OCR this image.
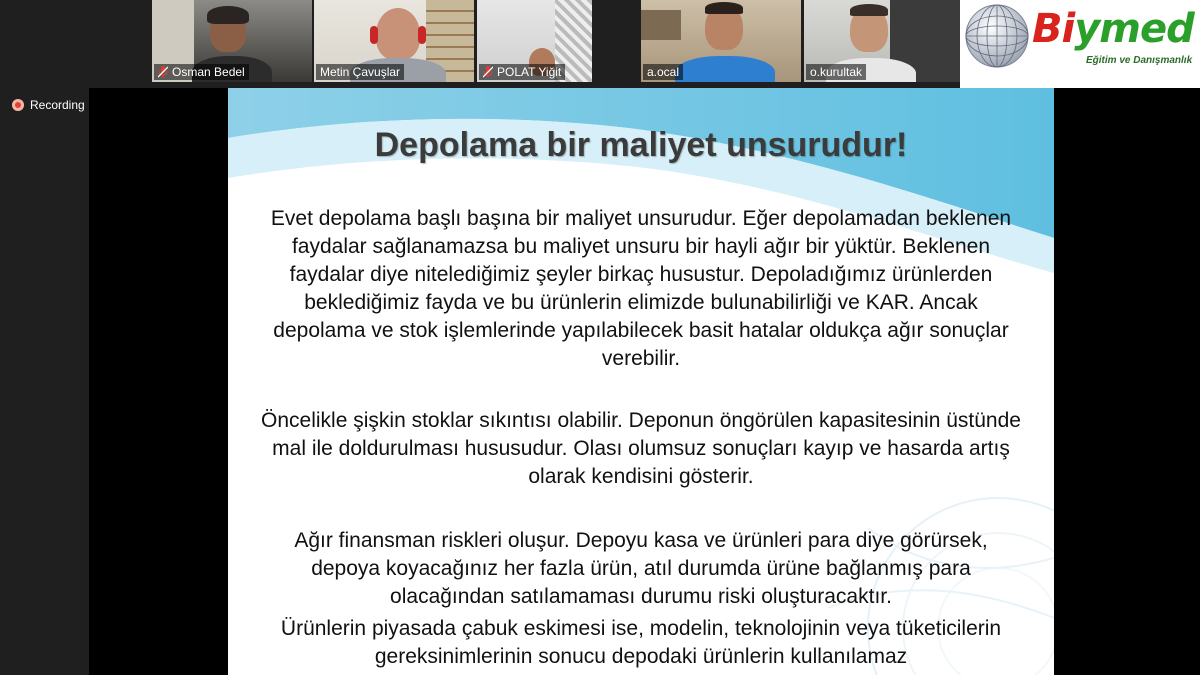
Osman Bedel	Metin Çavuşlar	POLAT Yiğit	a.ocal	o.kurultak
Biymed
Eğitim ve Danışmanlık
Recording
Depolama bir maliyet unsurudur!
Evet depolama başlı başına bir maliyet unsurudur. Eğer depolamadan beklenen faydalar sağlanamazsa bu maliyet unsuru bir hayli ağır bir yüktür. Beklenen faydalar diye nitelediğimiz şeyler birkaç husustur. Depoladığımız ürünlerden beklediğimiz fayda ve bu ürünlerin elimizde bulunabilirliği ve KAR. Ancak depolama ve stok işlemlerinde yapılabilecek basit hatalar oldukça ağır sonuçlar verebilir.
Öncelikle şişkin stoklar sıkıntısı olabilir. Deponun öngörülen kapasitesinin üstünde mal ile doldurulması hususudur. Olası olumsuz sonuçları kayıp ve hasarda artış olarak kendisini gösterir.
Ağır finansman riskleri oluşur. Depoyu kasa ve ürünleri para diye görürsek, depoya koyacağınız her fazla ürün, atıl durumda ürüne bağlanmış para olacağından satılamaması durumu riski oluşturacaktır.
Ürünlerin piyasada çabuk eskimesi ise, modelin, teknolojinin veya tüketicilerin gereksinimlerinin sonucu depodaki ürünlerin kullanılamaz
